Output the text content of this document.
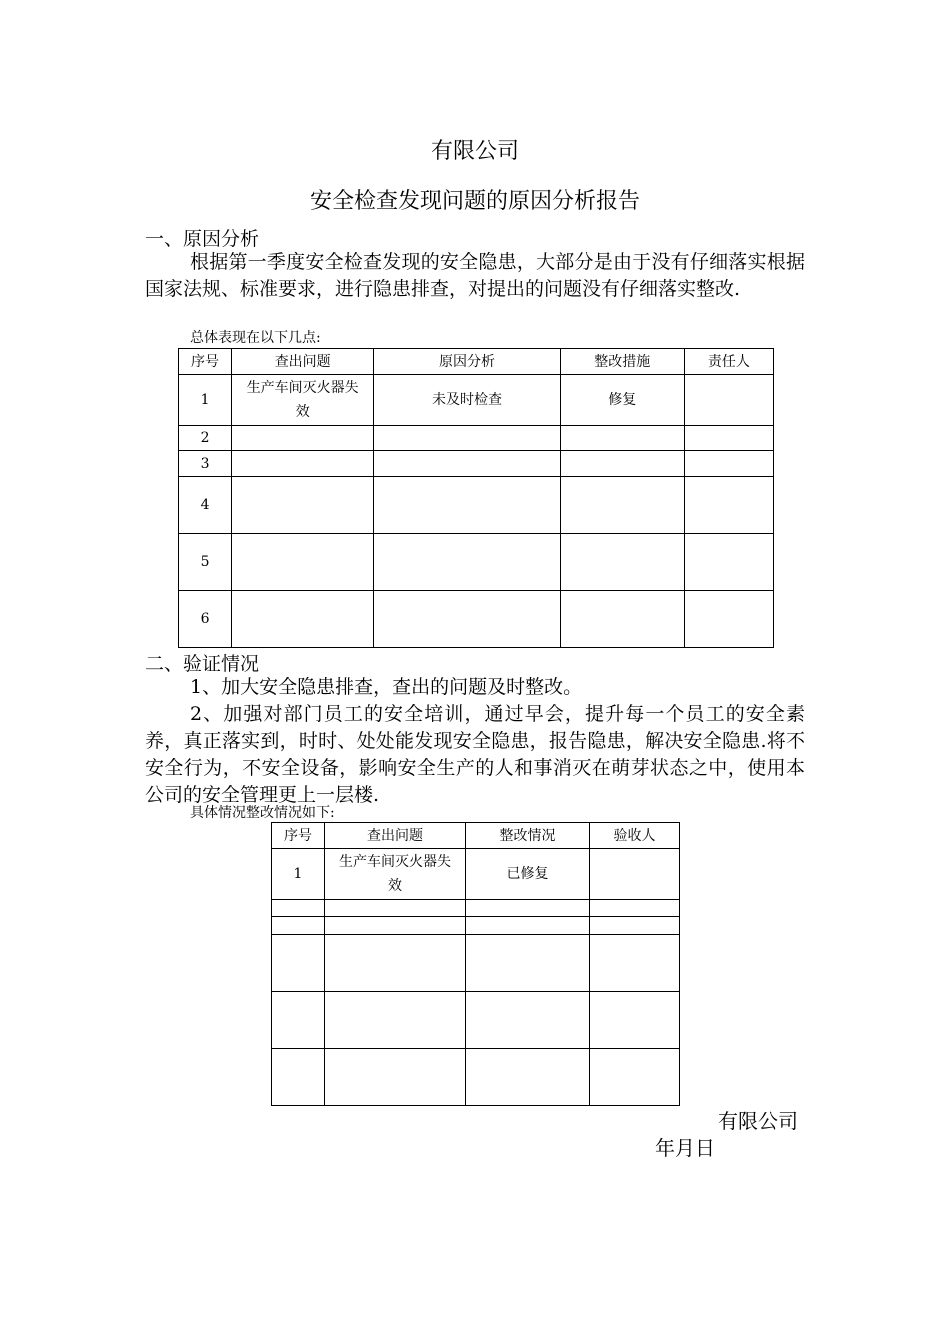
有限公司
安全检查发现问题的原因分析报告
一、原因分析
根据第一季度安全检查发现的安全隐患，大部分是由于没有仔细落实根据国家法规、标准要求，进行隐患排查，对提出的问题没有仔细落实整改.
总体表现在以下几点:
序号	查出问题	原因分析	整改措施	责任人
1	生产车间灭火器失效	未及时检查	修复	
2				
3				
4				
5				
6				
二、验证情况
1、加大安全隐患排查，查出的问题及时整改。
2、加强对部门员工的安全培训，通过早会，提升每一个员工的安全素养，真正落实到，时时、处处能发现安全隐患，报告隐患，解决安全隐患.将不安全行为，不安全设备，影响安全生产的人和事消灭在萌芽状态之中，使用本公司的安全管理更上一层楼.
具体情况整改情况如下:
序号	查出问题	整改情况	验收人
1	生产车间灭火器失效	已修复	

有限公司
年月日
